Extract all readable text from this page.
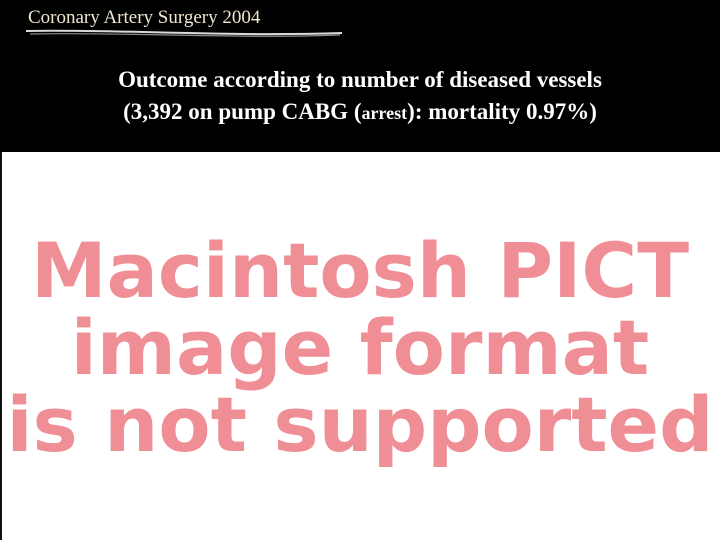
Coronary Artery Surgery 2004
Outcome according to number of diseased vessels
(3,392 on pump CABG (arrest): mortality 0.97%)
Macintosh PICT
image format
is not supported
